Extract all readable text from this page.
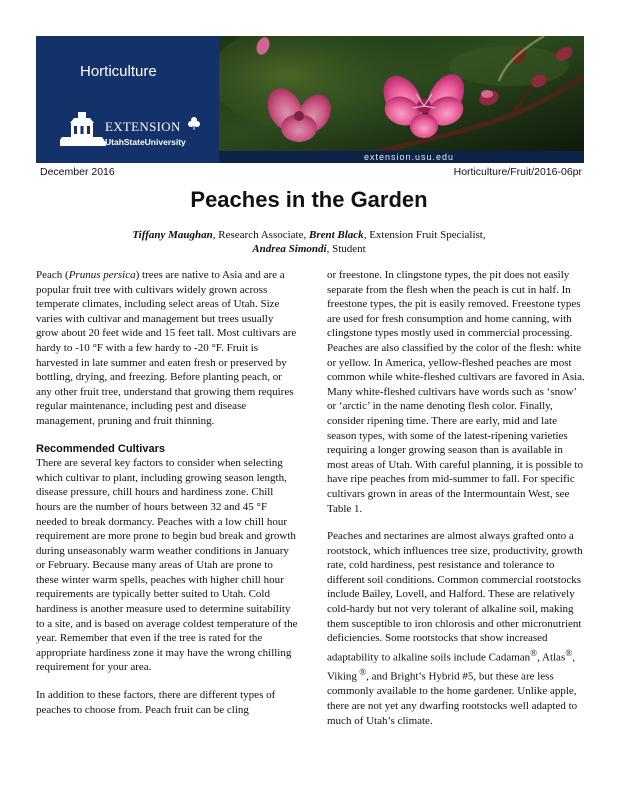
Horticulture
EXTENSION
UtahStateUniversity
extension.usu.edu
December 2016	Horticulture/Fruit/2016-06pr
Peaches in the Garden
Tiffany Maughan, Research Associate, Brent Black, Extension Fruit Specialist,
Andrea Simondi, Student

Peach (Prunus persica) trees are native to Asia and are a popular fruit tree with cultivars widely grown across temperate climates, including select areas of Utah. Size varies with cultivar and management but trees usually grow about 20 feet wide and 15 feet tall. Most cultivars are hardy to -10 °F with a few hardy to -20 °F. Fruit is harvested in late summer and eaten fresh or preserved by bottling, drying, and freezing. Before planting peach, or any other fruit tree, understand that growing them requires regular maintenance, including pest and disease management, pruning and fruit thinning.

Recommended Cultivars

There are several key factors to consider when selecting which cultivar to plant, including growing season length, disease pressure, chill hours and hardiness zone. Chill hours are the number of hours between 32 and 45 °F needed to break dormancy. Peaches with a low chill hour requirement are more prone to begin bud break and growth during unseasonably warm weather conditions in January or February. Because many areas of Utah are prone to these winter warm spells, peaches with higher chill hour requirements are typically better suited to Utah. Cold hardiness is another measure used to determine suitability to a site, and is based on average coldest temperature of the year. Remember that even if the tree is rated for the appropriate hardiness zone it may have the wrong chilling requirement for your area.

In addition to these factors, there are different types of peaches to choose from. Peach fruit can be cling

or freestone. In clingstone types, the pit does not easily separate from the flesh when the peach is cut in half. In freestone types, the pit is easily removed. Freestone types are used for fresh consumption and home canning, with clingstone types mostly used in commercial processing. Peaches are also classified by the color of the flesh: white or yellow. In America, yellow-fleshed peaches are most common while white-fleshed cultivars are favored in Asia. Many white-fleshed cultivars have words such as ‘snow’ or ‘arctic’ in the name denoting flesh color. Finally, consider ripening time. There are early, mid and late season types, with some of the latest-ripening varieties requiring a longer growing season than is available in most areas of Utah. With careful planning, it is possible to have ripe peaches from mid-summer to fall. For specific cultivars grown in areas of the Intermountain West, see Table 1.

Peaches and nectarines are almost always grafted onto a rootstock, which influences tree size, productivity, growth rate, cold hardiness, pest resistance and tolerance to different soil conditions. Common commercial rootstocks include Bailey, Lovell, and Halford. These are relatively cold-hardy but not very tolerant of alkaline soil, making them susceptible to iron chlorosis and other micronutrient deficiencies. Some rootstocks that show increased adaptability to alkaline soils include Cadaman®, Atlas®, Viking ®, and Bright’s Hybrid #5, but these are less commonly available to the home gardener. Unlike apple, there are not yet any dwarfing rootstocks well adapted to much of Utah’s climate.
